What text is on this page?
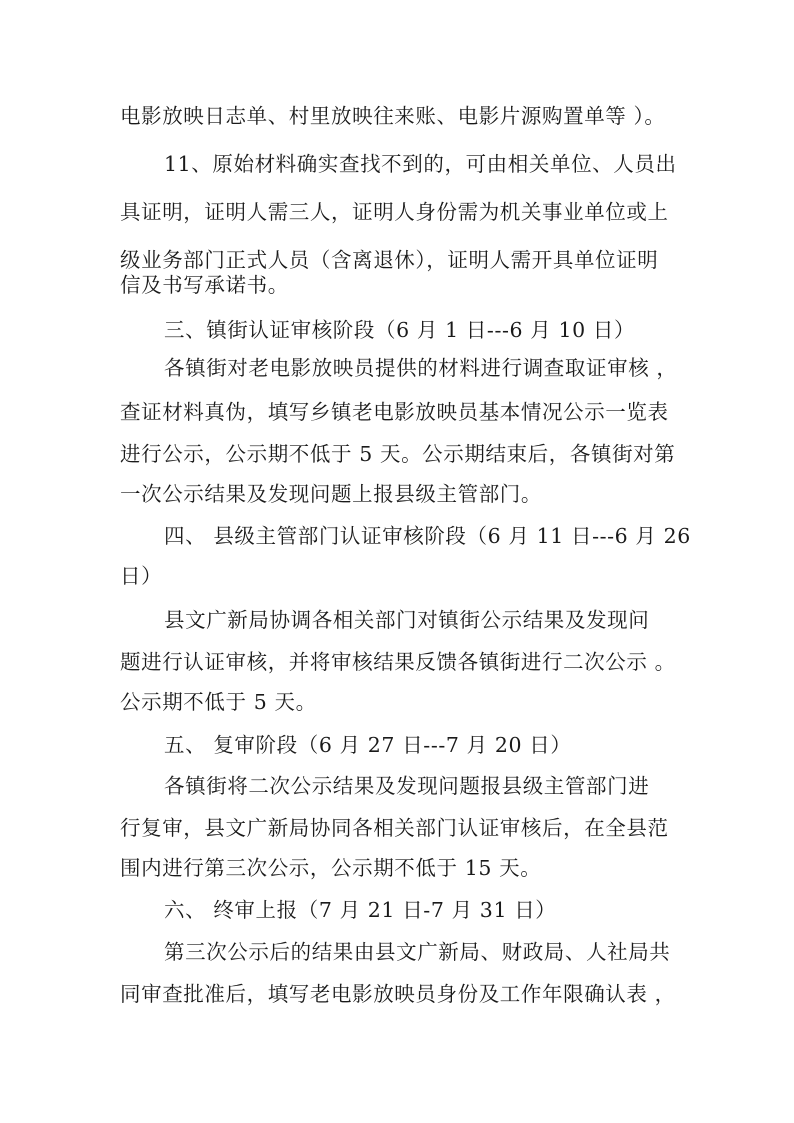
电影放映日志单、村里放映往来账、电影片源购置单等 ）。
11、原始材料确实查找不到的，可由相关单位、人员出
具证明，证明人需三人，证明人身份需为机关事业单位或上
级业务部门正式人员（含离退休），证明人需开具单位证明
信及书写承诺书。
三、镇街认证审核阶段（6 月 1 日---6 月 10 日）
各镇街对老电影放映员提供的材料进行调查取证审核 ，
查证材料真伪，填写乡镇老电影放映员基本情况公示一览表
进行公示，公示期不低于 5 天。公示期结束后，各镇街对第
一次公示结果及发现问题上报县级主管部门。
四、 县级主管部门认证审核阶段（6 月 11 日---6 月 26
日）
县文广新局协调各相关部门对镇街公示结果及发现问
题进行认证审核，并将审核结果反馈各镇街进行二次公示 。
公示期不低于 5 天。
五、 复审阶段（6 月 27 日---7 月 20 日）
各镇街将二次公示结果及发现问题报县级主管部门进
行复审，县文广新局协同各相关部门认证审核后，在全县范
围内进行第三次公示，公示期不低于 15 天。
六、 终审上报（7 月 21 日-7 月 31 日）
第三次公示后的结果由县文广新局、财政局、人社局共
同审查批准后，填写老电影放映员身份及工作年限确认表 ，
